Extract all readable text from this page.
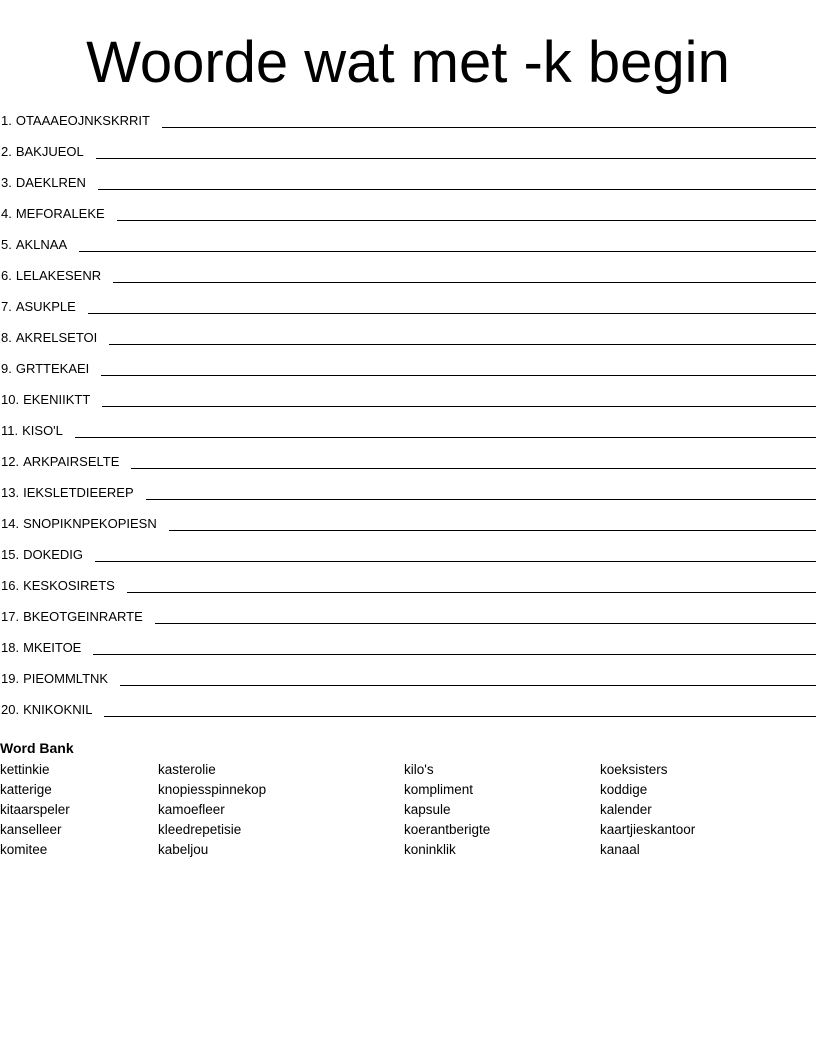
Woorde wat met -k begin
1. OTAAAEOJNKSKRRIT
2. BAKJUEOL
3. DAEKLREN
4. MEFORALEKE
5. AKLNAA
6. LELAKESENR
7. ASUKPLE
8. AKRELSETOI
9. GRTTEKAEI
10. EKENIIKTT
11. KISO'L
12. ARKPAIRSELTE
13. IEKSLETDIEEREP
14. SNOPIKNPEKOPIESN
15. DOKEDIG
16. KESKOSIRETS
17. BKEOTGEINRARTE
18. MKEITOE
19. PIEOMMLTNK
20. KNIKOKNIL
Word Bank
kettinkie
katterige
kitaarspeler
kanselleer
komitee
kasterolie
knopiesspinnekop
kamoefleer
kleedrepetisie
kabeljou
kilo's
kompliment
kapsule
koerantberigte
koninklik
koeksisters
koddige
kalender
kaartjieskantoor
kanaal
